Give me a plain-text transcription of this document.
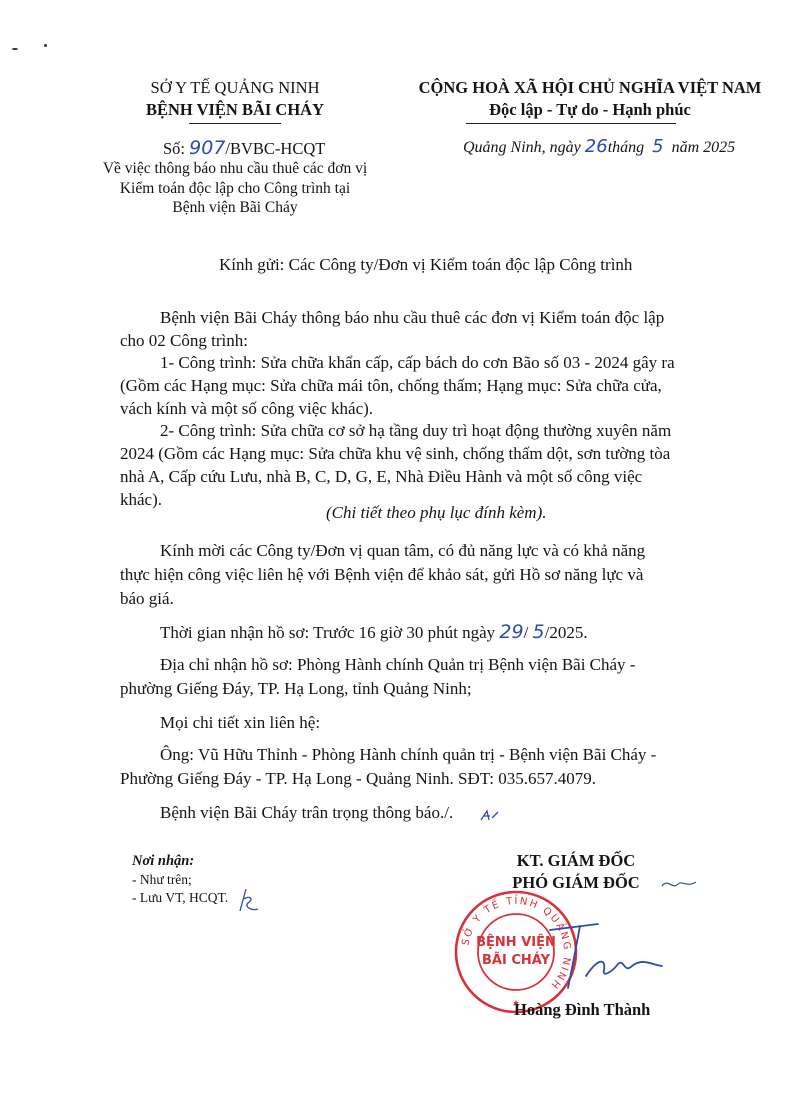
SỞ Y TẾ QUẢNG NINH
BỆNH VIỆN BÃI CHÁY
Số: 907/BVBC-HCQT
Về việc thông báo nhu cầu thuê các đơn vị
Kiểm toán độc lập cho Công trình tại
Bệnh viện Bãi Cháy
CỘNG HOÀ XÃ HỘI CHỦ NGHĨA VIỆT NAM
Độc lập - Tự do - Hạnh phúc
Quảng Ninh, ngày 26tháng 5 năm 2025
Kính gửi: Các Công ty/Đơn vị Kiểm toán độc lập Công trình
Bệnh viện Bãi Cháy thông báo nhu cầu thuê các đơn vị Kiểm toán độc lập
cho 02 Công trình:
1- Công trình: Sửa chữa khẩn cấp, cấp bách do cơn Bão số 03 - 2024 gây ra
(Gồm các Hạng mục: Sửa chữa mái tôn, chống thấm; Hạng mục: Sửa chữa cửa,
vách kính và một số công việc khác).
2- Công trình: Sửa chữa cơ sở hạ tầng duy trì hoạt động thường xuyên năm
2024 (Gồm các Hạng mục: Sửa chữa khu vệ sinh, chống thấm dột, sơn tường tòa
nhà A, Cấp cứu Lưu, nhà B, C, D, G, E, Nhà Điều Hành và một số công việc
khác).
(Chi tiết theo phụ lục đính kèm).
Kính mời các Công ty/Đơn vị quan tâm, có đủ năng lực và có khả năng
thực hiện công việc liên hệ với Bệnh viện để khảo sát, gửi Hồ sơ năng lực và
báo giá.
Thời gian nhận hồ sơ: Trước 16 giờ 30 phút ngày 29/ 5/2025.
Địa chỉ nhận hồ sơ: Phòng Hành chính Quản trị Bệnh viện Bãi Cháy -
phường Giếng Đáy, TP. Hạ Long, tỉnh Quảng Ninh;
Mọi chi tiết xin liên hệ:
Ông: Vũ Hữu Thỉnh - Phòng Hành chính quản trị - Bệnh viện Bãi Cháy -
Phường Giếng Đáy - TP. Hạ Long - Quảng Ninh. SĐT: 035.657.4079.
Bệnh viện Bãi Cháy trân trọng thông báo./.
Nơi nhận:
- Như trên;
- Lưu VT, HCQT.
KT. GIÁM ĐỐC
PHÓ GIÁM ĐỐC
SỞ Y TẾ TỈNH QUẢNG NINH
BỆNH VIỆN
BÃI CHÁY
Hoàng Đình Thành
